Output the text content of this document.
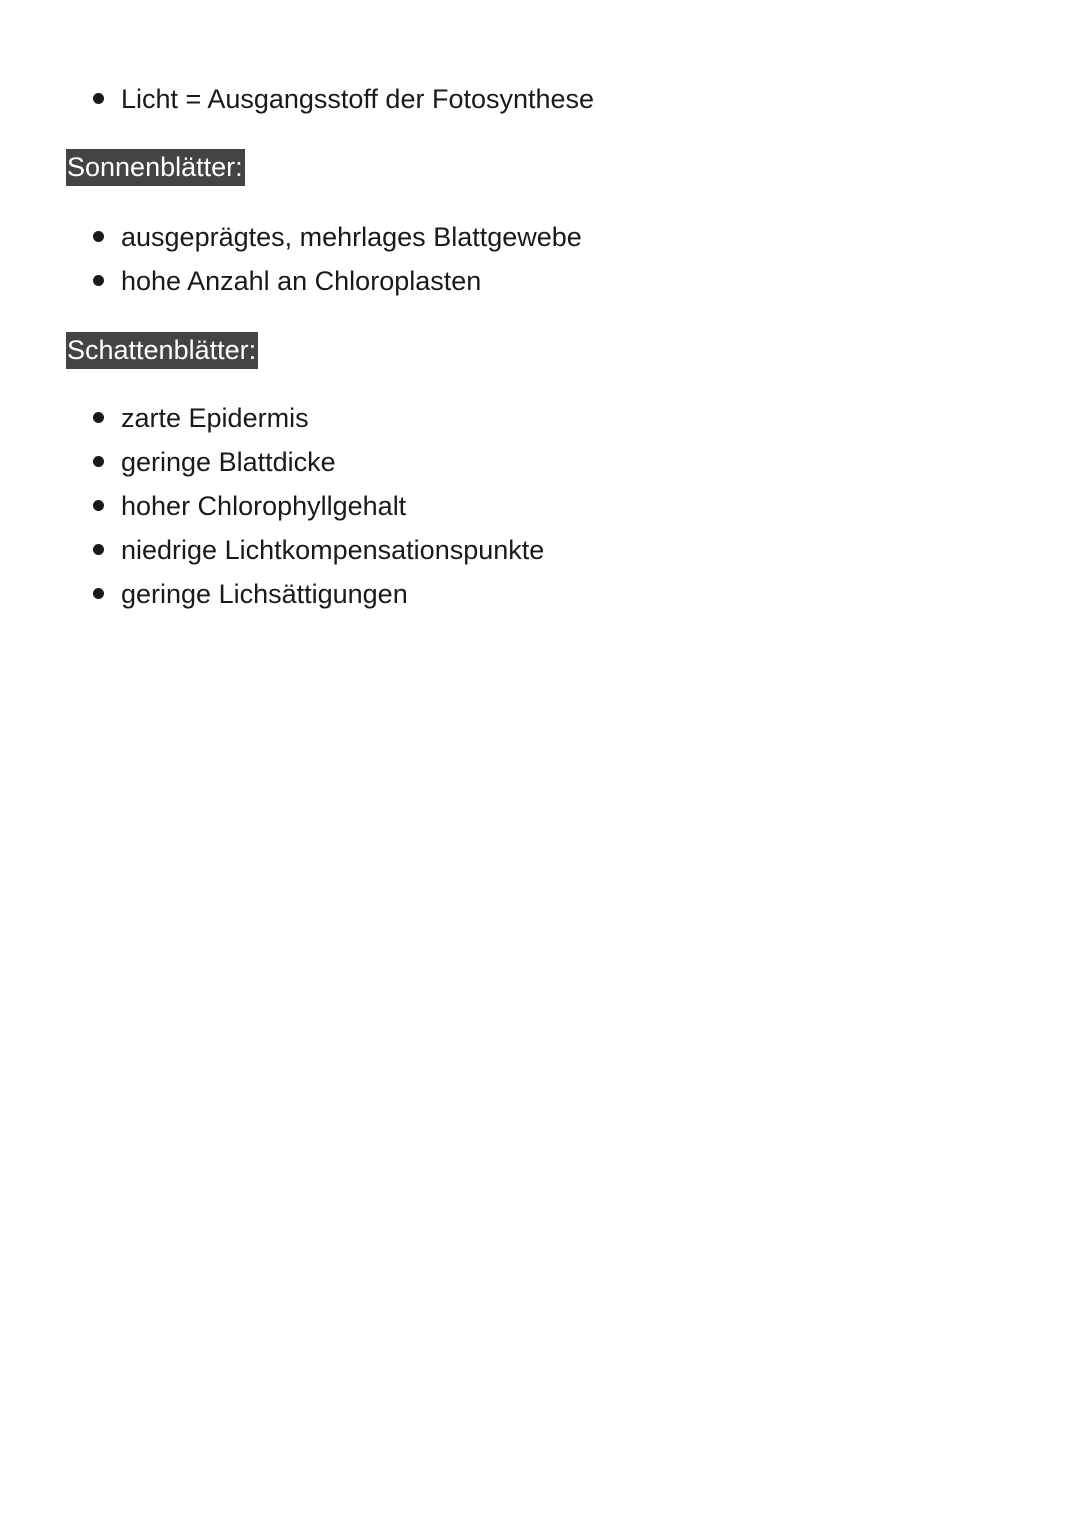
Licht = Ausgangsstoff der Fotosynthese
Sonnenblätter:
ausgeprägtes, mehrlages Blattgewebe
hohe Anzahl an Chloroplasten
Schattenblätter:
zarte Epidermis
geringe Blattdicke
hoher Chlorophyllgehalt
niedrige Lichtkompensationspunkte
geringe Lichsättigungen
